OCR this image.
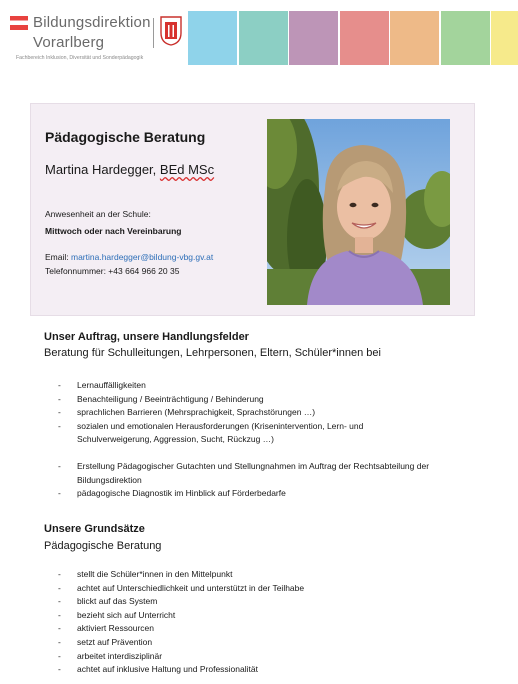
Bildungsdirektion
Vorarlberg
Fachbereich Inklusion, Diversität und Sonderpädagogik
Pädagogische Beratung
Martina Hardegger, BEd MSc
Anwesenheit an der Schule:
Mittwoch oder nach Vereinbarung
Email: martina.hardegger@bildung-vbg.gv.at
Telefonnummer: +43 664 966 20 35
Unser Auftrag, unsere Handlungsfelder
Beratung für Schulleitungen, Lehrpersonen, Eltern, Schüler*innen bei
- Lernauffälligkeiten
- Benachteiligung / Beeinträchtigung / Behinderung
- sprachlichen Barrieren (Mehrsprachigkeit, Sprachstörungen …)
- sozialen und emotionalen Herausforderungen (Krisenintervention, Lern- und Schulverweigerung, Aggression, Sucht, Rückzug …)
- Erstellung Pädagogischer Gutachten und Stellungnahmen im Auftrag der Rechtsabteilung der Bildungsdirektion
- pädagogische Diagnostik im Hinblick auf Förderbedarfe
Unsere Grundsätze
Pädagogische Beratung
- stellt die Schüler*innen in den Mittelpunkt
- achtet auf Unterschiedlichkeit und unterstützt in der Teilhabe
- blickt auf das System
- bezieht sich auf Unterricht
- aktiviert Ressourcen
- setzt auf Prävention
- arbeitet interdisziplinär
- achtet auf inklusive Haltung und Professionalität
